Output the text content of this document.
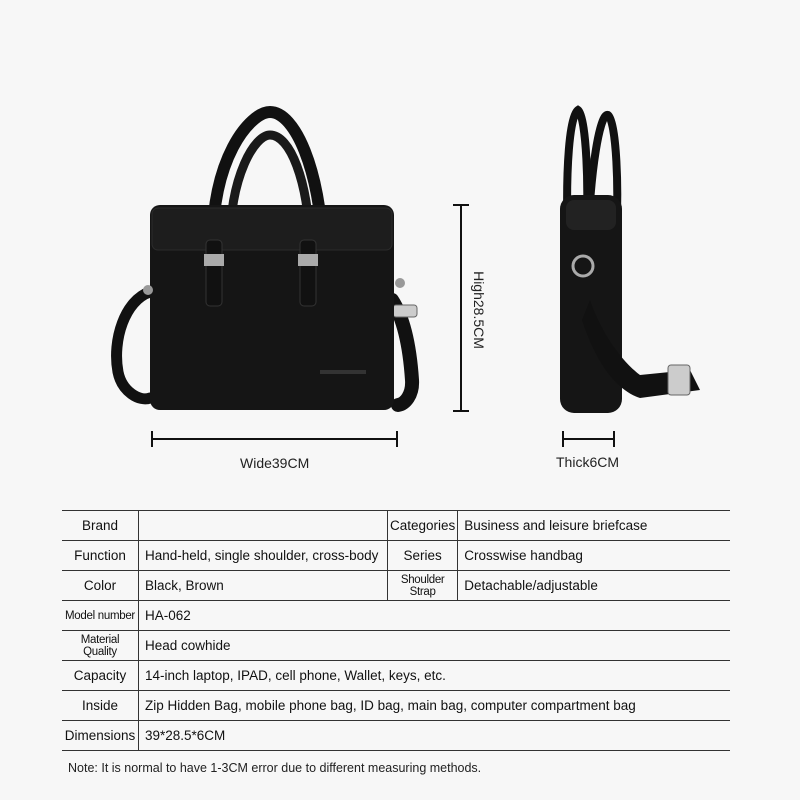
Wide39CM
High28.5CM
Thick6CM
Brand		Categories	Business and leisure briefcase
Function	Hand-held, single shoulder, cross-body	Series	Crosswise handbag
Color	Black, Brown	Shoulder Strap	Detachable/adjustable
Model number	HA-062		
Material Quality	Head cowhide		
Capacity	14-inch laptop, IPAD, cell phone, Wallet, keys, etc.		
Inside	Zip Hidden Bag, mobile phone bag, ID bag, main bag, computer compartment bag		
Dimensions	39*28.5*6CM		
Note: It is normal to have 1-3CM error due to different measuring methods.
